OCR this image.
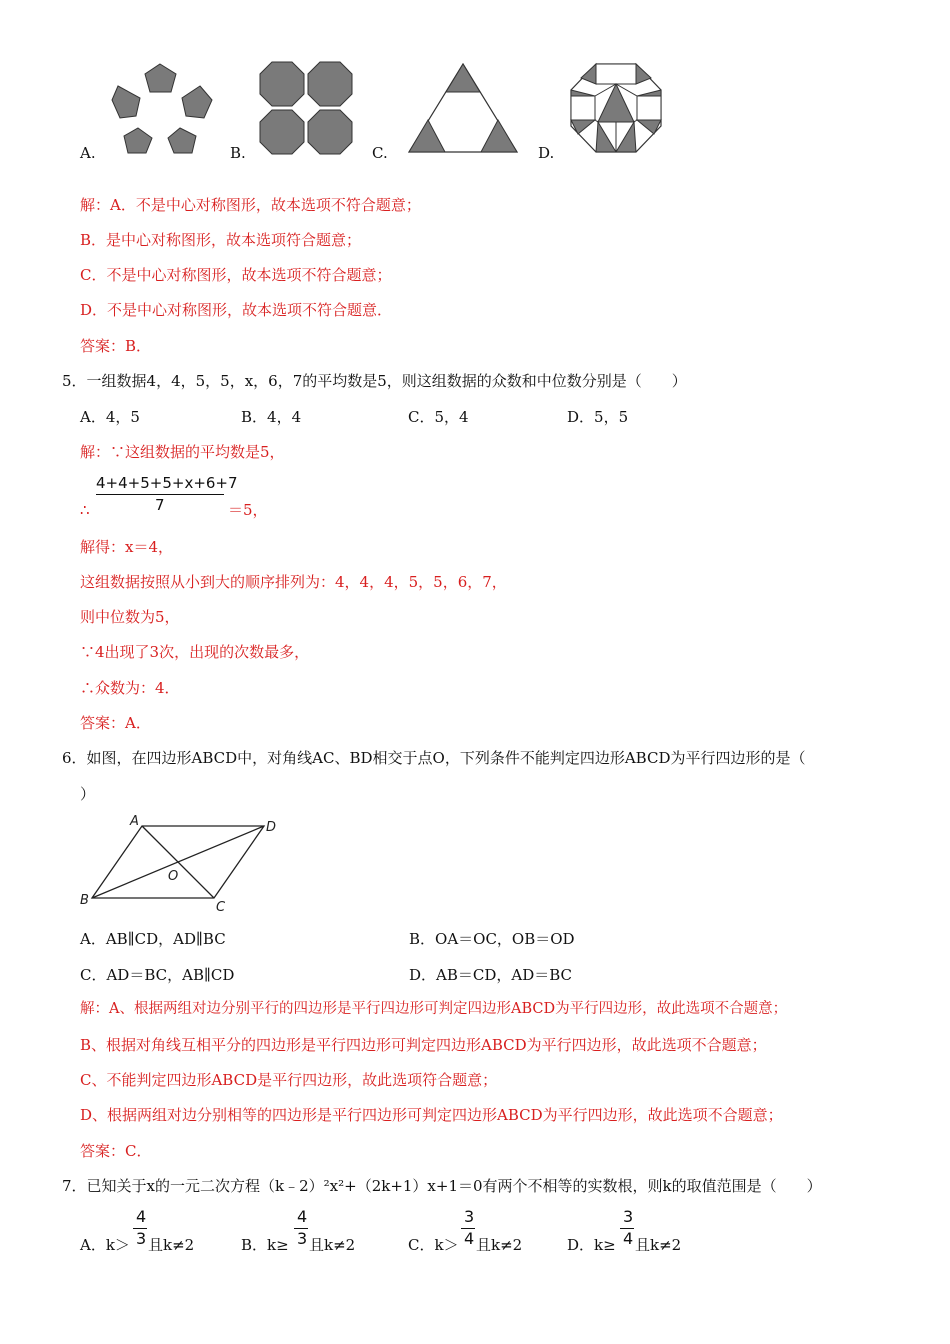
A.	B.	C.	D.
解：A．不是中心对称图形，故本选项不符合题意；
B．是中心对称图形，故本选项符合题意；
C．不是中心对称图形，故本选项不符合题意；
D．不是中心对称图形，故本选项不符合题意．
答案：B．
5．一组数据4，4，5，5，x，6，7的平均数是5，则这组数据的众数和中位数分别是（　　）
A．4，5	B．4，4	C．5，4	D．5，5
解：∵这组数据的平均数是5，
4+4+5+5+x+6+7
7
∴	＝5，
解得：x＝4，
这组数据按照从小到大的顺序排列为：4，4，4，5，5，6，7，
则中位数为5，
∵4出现了3次，出现的次数最多，
∴众数为：4．
答案：A．
6．如图，在四边形ABCD中，对角线AC、BD相交于点O，下列条件不能判定四边形ABCD为平行四边形的是（
）
A	D
B	C
O
A．AB∥CD，AD∥BC	B．OA＝OC，OB＝OD
C．AD＝BC，AB∥CD	D．AB＝CD，AD＝BC
解：A、根据两组对边分别平行的四边形是平行四边形可判定四边形ABCD为平行四边形，故此选项不合题意；
B、根据对角线互相平分的四边形是平行四边形可判定四边形ABCD为平行四边形，故此选项不合题意；
C、不能判定四边形ABCD是平行四边形，故此选项符合题意；
D、根据两组对边分别相等的四边形是平行四边形可判定四边形ABCD为平行四边形，故此选项不合题意；
答案：C．
7．已知关于x的一元二次方程（k﹣2）²x²+（2k+1）x+1＝0有两个不相等的实数根，则k的取值范围是（　　）
A．k＞
4
3 且k≠2	B．k≥
4
3 且k≠2	C．k＞
3
4 且k≠2	D．k≥
3
4 且k≠2
